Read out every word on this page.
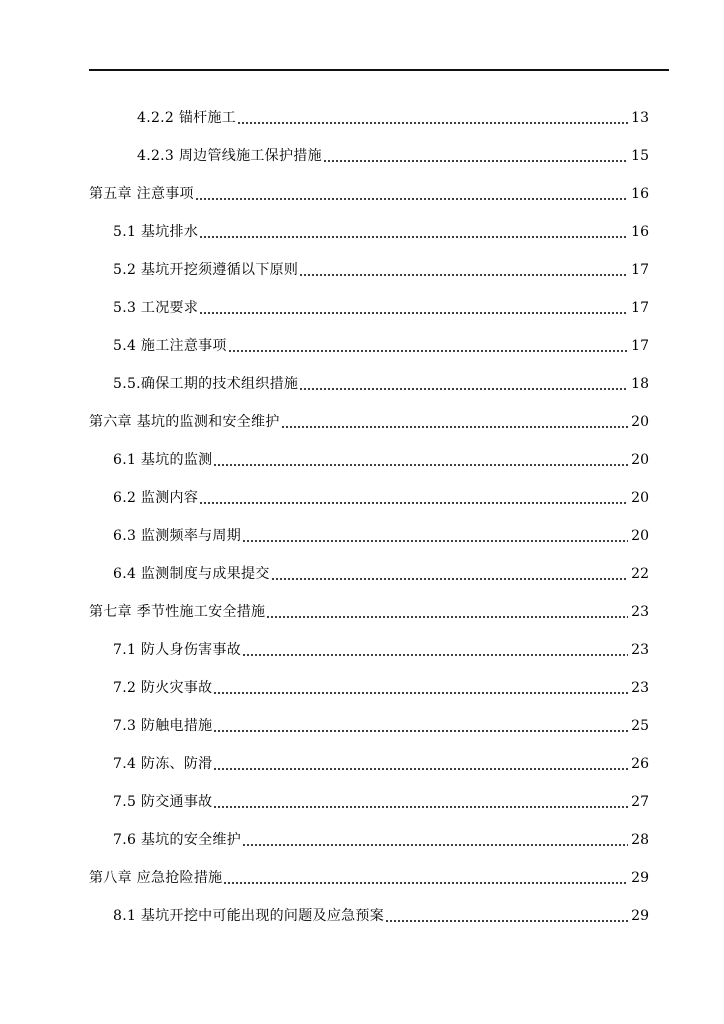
4.2.2 锚杆施工	13
4.2.3 周边管线施工保护措施	15
第五章 注意事项	16
5.1 基坑排水	16
5.2 基坑开挖须遵循以下原则	17
5.3 工况要求	17
5.4 施工注意事项	17
5.5.确保工期的技术组织措施	18
第六章 基坑的监测和安全维护	20
6.1 基坑的监测	20
6.2 监测内容	20
6.3 监测频率与周期	20
6.4 监测制度与成果提交	22
第七章 季节性施工安全措施	23
7.1 防人身伤害事故	23
7.2 防火灾事故	23
7.3 防触电措施	25
7.4 防冻、防滑	26
7.5 防交通事故	27
7.6 基坑的安全维护	28
第八章 应急抢险措施	29
8.1 基坑开挖中可能出现的问题及应急预案	29
